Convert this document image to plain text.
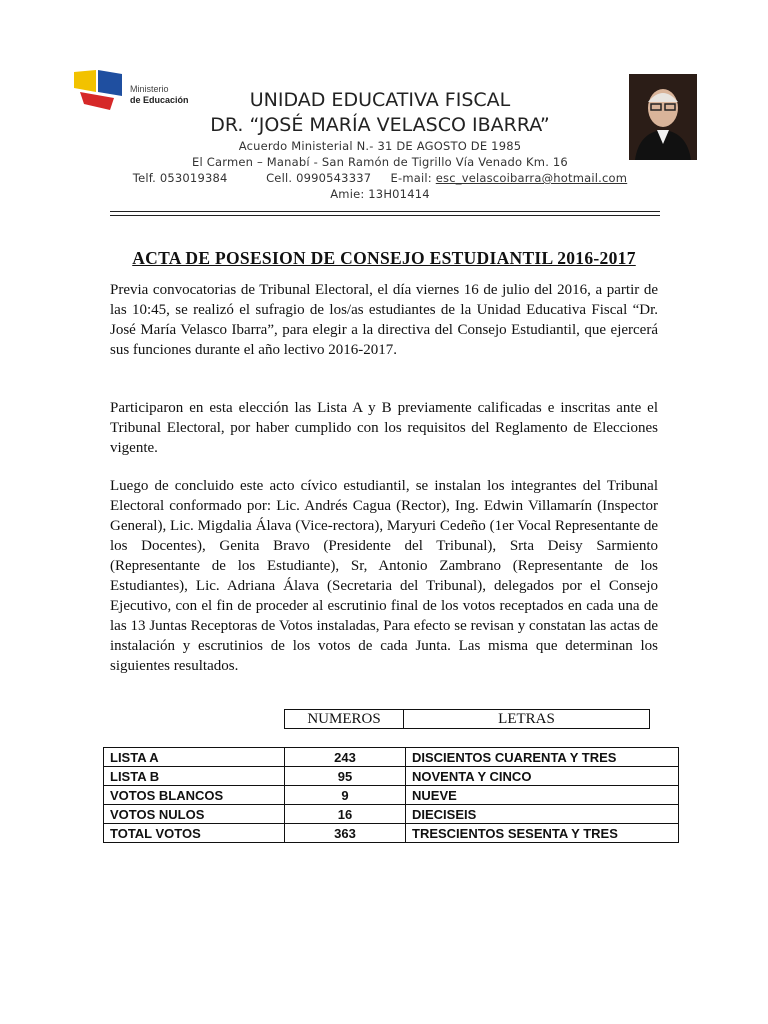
Ministerio
de Educación	UNIDAD EDUCATIVA FISCAL
DR. “JOSÉ MARÍA VELASCO IBARRA”
Acuerdo Ministerial N.- 31 DE AGOSTO DE 1985
El Carmen – Manabí - San Ramón de Tigrillo Vía Venado Km. 16
Telf. 053019384	Cell. 0990543337 E-mail: esc_velascoibarra@hotmail.com
Amie: 13H01414
ACTA DE POSESION DE CONSEJO ESTUDIANTIL 2016-2017
Previa convocatorias de Tribunal Electoral, el día viernes 16 de julio del 2016, a partir de las 10:45, se realizó el sufragio de los/as estudiantes de la Unidad Educativa Fiscal “Dr. José María Velasco Ibarra”, para elegir a la directiva del Consejo Estudiantil, que ejercerá sus funciones durante el año lectivo 2016-2017.
Participaron en esta elección las Lista A y B previamente calificadas e inscritas ante el Tribunal Electoral, por haber cumplido con los requisitos del Reglamento de Elecciones vigente.
Luego de concluido este acto cívico estudiantil, se instalan los integrantes del Tribunal Electoral conformado por: Lic. Andrés Cagua (Rector), Ing. Edwin Villamarín (Inspector General), Lic. Migdalia Álava (Vice-rectora), Maryuri Cedeño (1er Vocal Representante de los Docentes), Genita Bravo (Presidente del Tribunal), Srta Deisy Sarmiento (Representante de los Estudiante), Sr, Antonio Zambrano (Representante de los Estudiantes), Lic. Adriana Álava (Secretaria del Tribunal), delegados por el Consejo Ejecutivo, con el fin de proceder al escrutinio final de los votos receptados en cada una de las 13 Juntas Receptoras de Votos instaladas, Para efecto se revisan y constatan las actas de instalación y escrutinios de los votos de cada Junta. Las misma que determinan los siguientes resultados.
NUMEROS	LETRAS
LISTA A	243	DISCIENTOS CUARENTA Y TRES
LISTA B	95	NOVENTA Y CINCO
VOTOS BLANCOS	9	NUEVE
VOTOS NULOS	16	DIECISEIS
TOTAL VOTOS	363	TRESCIENTOS SESENTA Y TRES
